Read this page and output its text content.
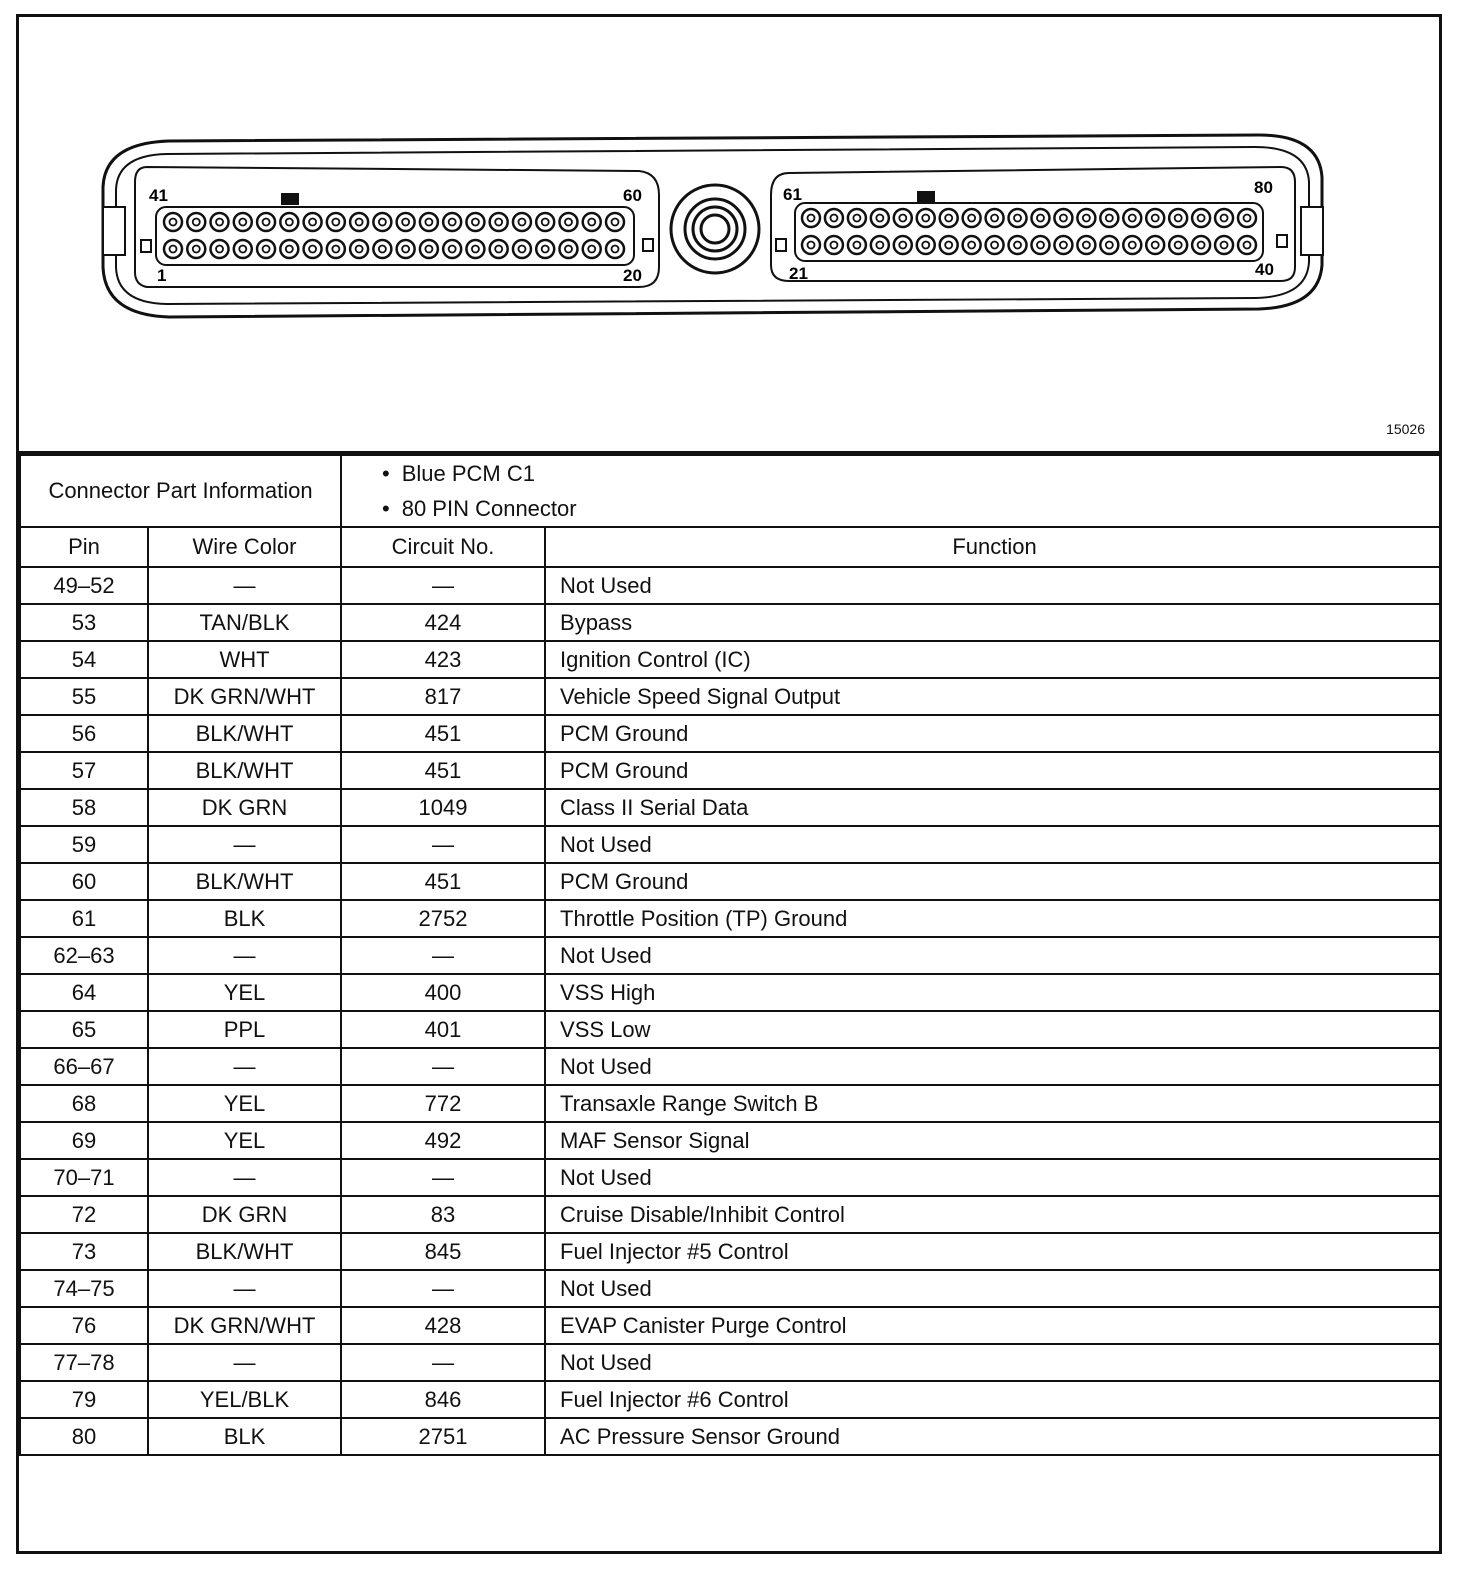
41	60
1	20
61	80
21	40
15026
Connector Part Information		• Blue PCM C1
• 80 PIN Connector

Pin	Wire Color	Circuit No.	Function
49–52	—	—	Not Used
53	TAN/BLK	424	Bypass
54	WHT	423	Ignition Control (IC)
55	DK GRN/WHT	817	Vehicle Speed Signal Output
56	BLK/WHT	451	PCM Ground
57	BLK/WHT	451	PCM Ground
58	DK GRN	1049	Class II Serial Data
59	—	—	Not Used
60	BLK/WHT	451	PCM Ground
61	BLK	2752	Throttle Position (TP) Ground
62–63	—	—	Not Used
64	YEL	400	VSS High
65	PPL	401	VSS Low
66–67	—	—	Not Used
68	YEL	772	Transaxle Range Switch B
69	YEL	492	MAF Sensor Signal
70–71	—	—	Not Used
72	DK GRN	83	Cruise Disable/Inhibit Control
73	BLK/WHT	845	Fuel Injector #5 Control
74–75	—	—	Not Used
76	DK GRN/WHT	428	EVAP Canister Purge Control
77–78	—	—	Not Used
79	YEL/BLK	846	Fuel Injector #6 Control
80	BLK	2751	AC Pressure Sensor Ground
